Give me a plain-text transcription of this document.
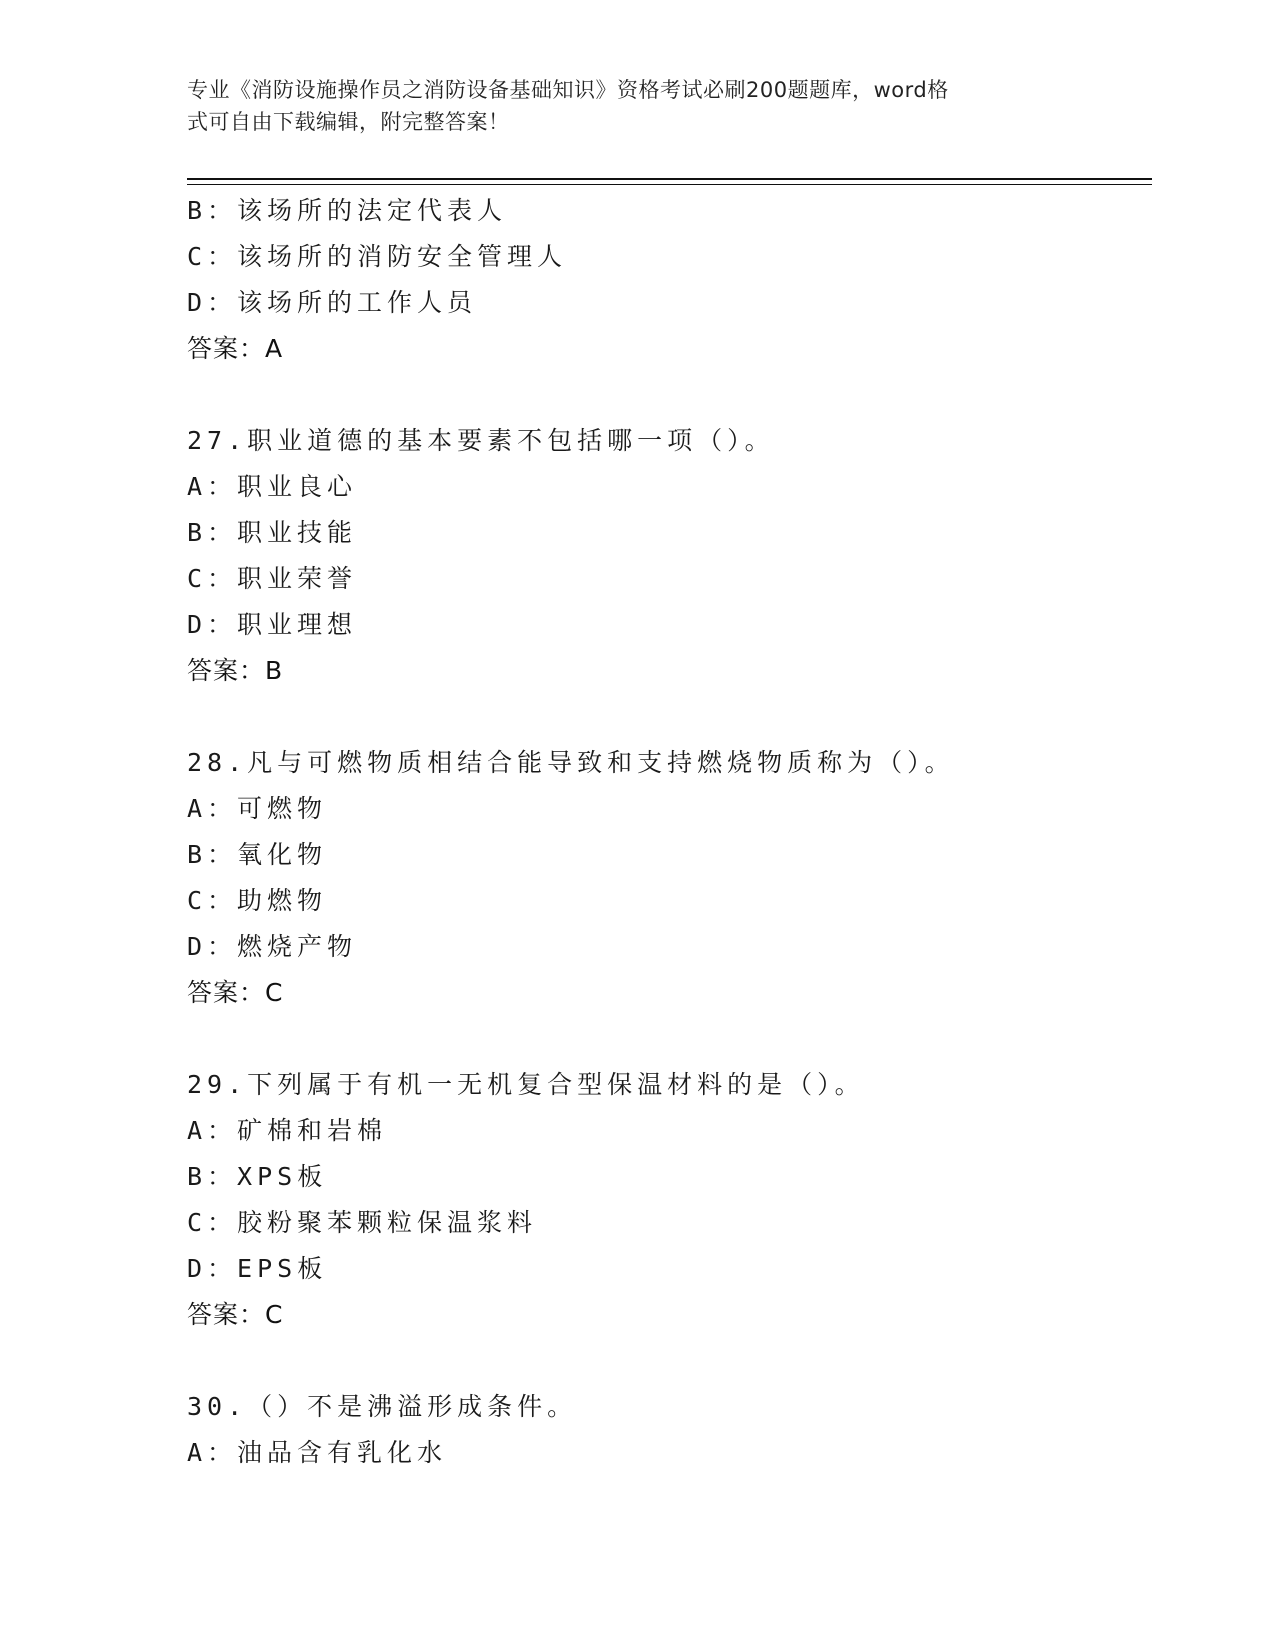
专业《消防设施操作员之消防设备基础知识》资格考试必刷200题题库，word格
式可自由下载编辑，附完整答案！
B：该场所的法定代表人
C：该场所的消防安全管理人
D：该场所的工作人员
答案：A
27.职业道德的基本要素不包括哪一项（）。
A：职业良心
B：职业技能
C：职业荣誉
D：职业理想
答案：B
28.凡与可燃物质相结合能导致和支持燃烧物质称为（）。
A：可燃物
B：氧化物
C：助燃物
D：燃烧产物
答案：C
29.下列属于有机一无机复合型保温材料的是（）。
A：矿棉和岩棉
B：XPS板
C：胶粉聚苯颗粒保温浆料
D：EPS板
答案：C
30.（）不是沸溢形成条件。
A：油品含有乳化水
